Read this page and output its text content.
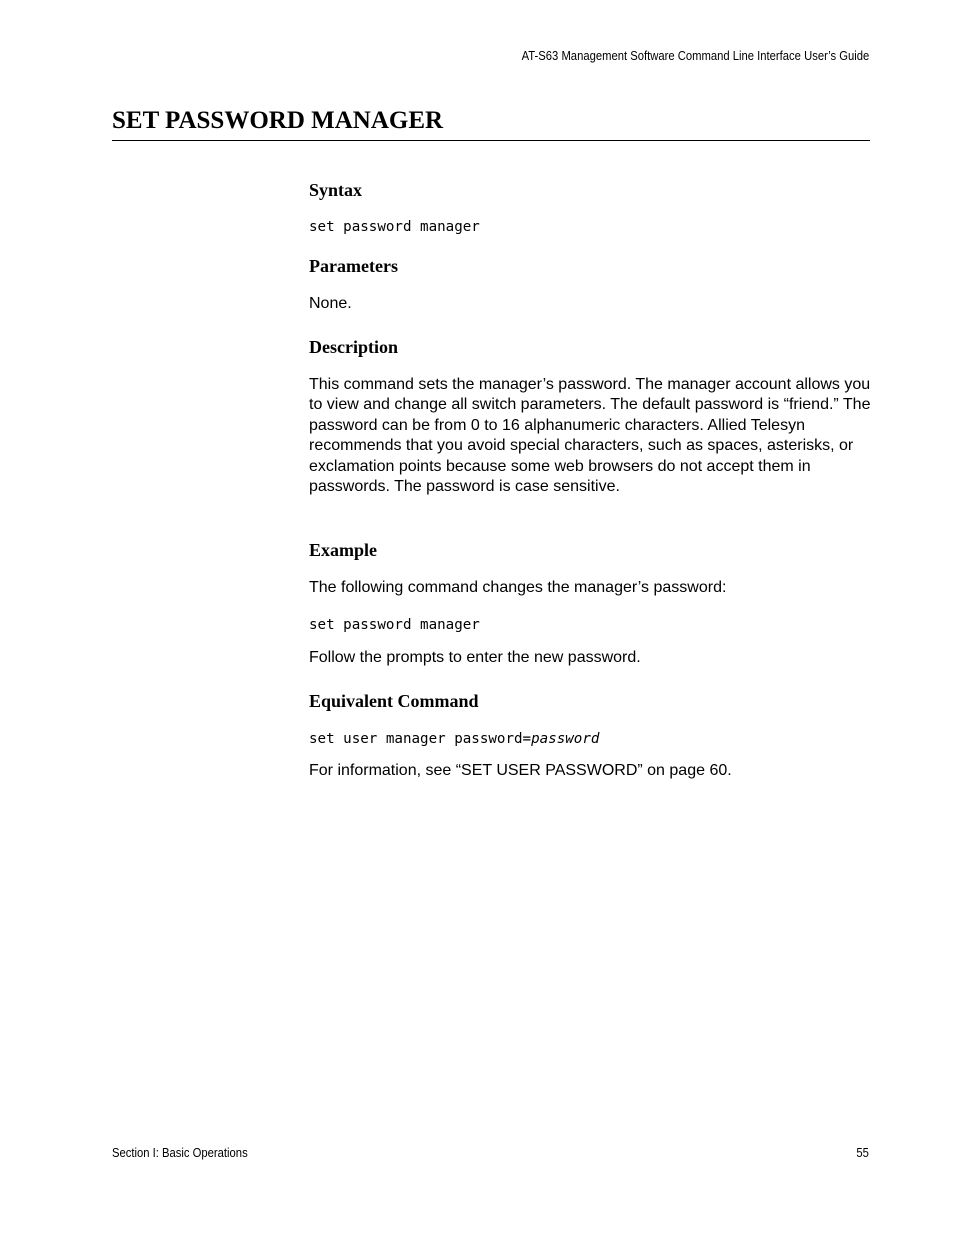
AT-S63 Management Software Command Line Interface User’s Guide
SET PASSWORD MANAGER
Syntax
set password manager
Parameters

None.

Description

This command sets the manager’s password. The manager account allows you to view and change all switch parameters. The default password is “friend.” The password can be from 0 to 16 alphanumeric characters. Allied Telesyn recommends that you avoid special characters, such as spaces, asterisks, or exclamation points because some web browsers do not accept them in passwords. The password is case sensitive.

Example

The following command changes the manager’s password:

set password manager

Follow the prompts to enter the new password.

Equivalent Command
set user manager password=password

For information, see “SET USER PASSWORD” on page 60.

Section I: Basic Operations	55
